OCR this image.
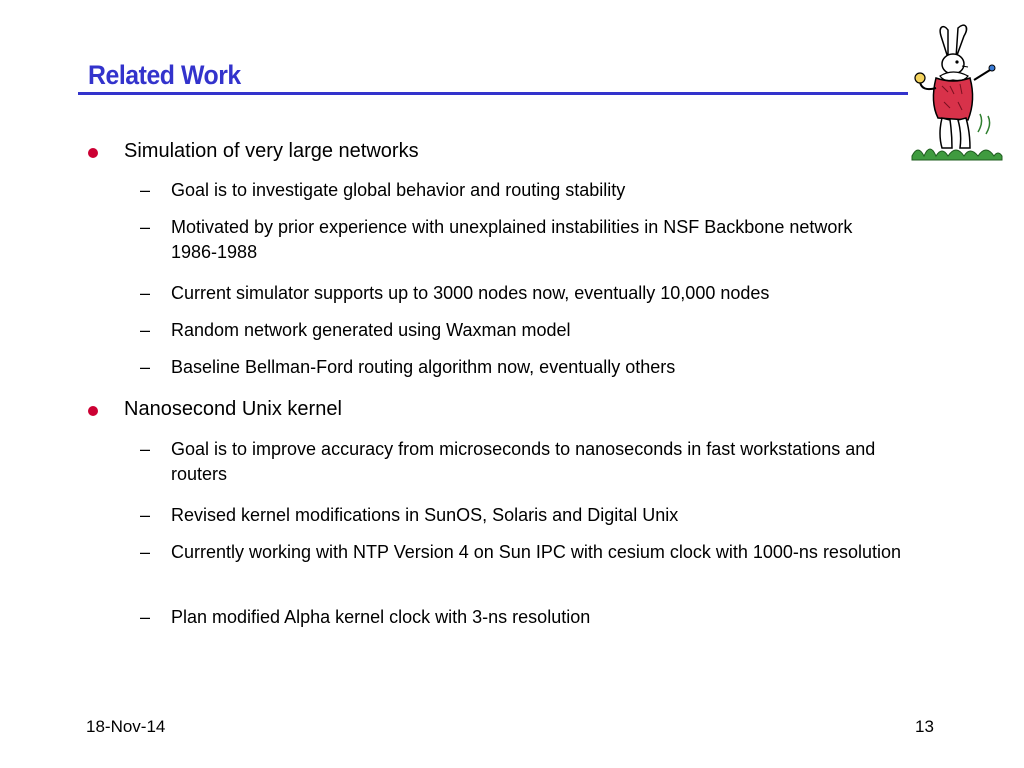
Related Work
Simulation of very large networks
– Goal is to investigate global behavior and routing stability
– Motivated by prior experience with unexplained instabilities in NSF Backbone network 1986-1988
– Current simulator supports up to 3000 nodes now, eventually 10,000 nodes
– Random network generated using Waxman model
– Baseline Bellman-Ford routing algorithm now, eventually others
Nanosecond Unix kernel
– Goal is to improve accuracy from microseconds to nanoseconds in fast workstations and routers
– Revised kernel modifications in SunOS, Solaris and Digital Unix
– Currently working with NTP Version 4 on Sun IPC with cesium clock with 1000-ns resolution
– Plan modified Alpha kernel clock with 3-ns resolution
18-Nov-14	13
